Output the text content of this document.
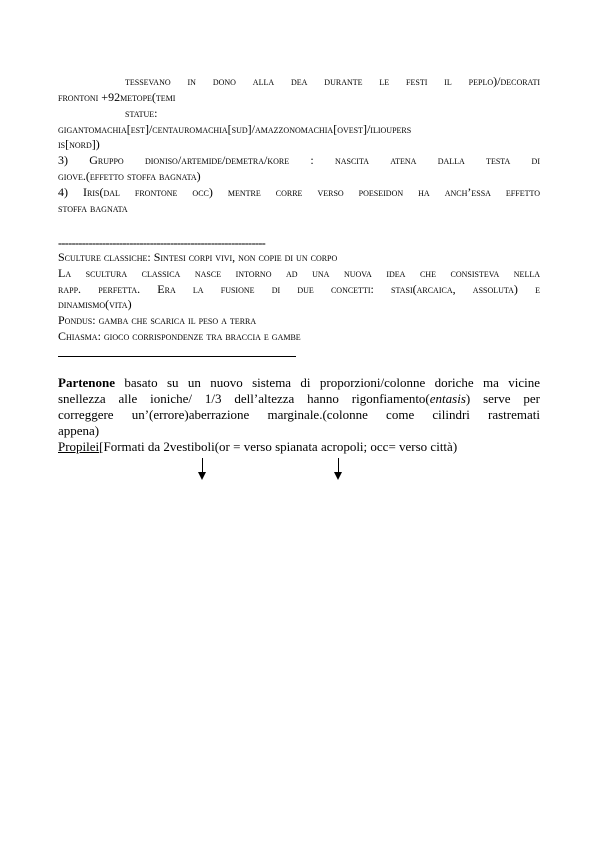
tessevano in dono alla dea durante le festi il peplo)/decorati
frontoni +92metope(temi
statue:
gigantomachia[est]/centauromachia[sud]/amazzonomachia[ovest]/ilioupers
is[nord])
3) Gruppo dioniso/artemide/demetra/kore : nascita atena dalla testa di
giove.(effetto stoffa bagnata)
4) Iris(dal frontone occ) mentre corre verso poeseidon ha anch’essa effetto
stoffa bagnata
-------------------------------------------------------------
Sculture classiche: Sintesi corpi vivi, non copie di un corpo
La scultura classica nasce intorno ad una nuova idea che consisteva nella
rapp. perfetta. Era la fusione di due concetti: stasi(arcaica, assoluta) e
dinamismo(vita)
Pondus: gamba che scarica il peso a terra
Chiasma: gioco corrispondenze tra braccia e gambe
Partenone basato su un nuovo sistema di proporzioni/colonne doriche ma vicine
snellezza alle ioniche/ 1/3 dell’altezza hanno rigonfiamento(entasis) serve per
correggere un’(errore)aberrazione marginale.(colonne come cilindri rastremati
appena)
Propilei[Formati da 2vestiboli(or = verso spianata acropoli; occ= verso città)
